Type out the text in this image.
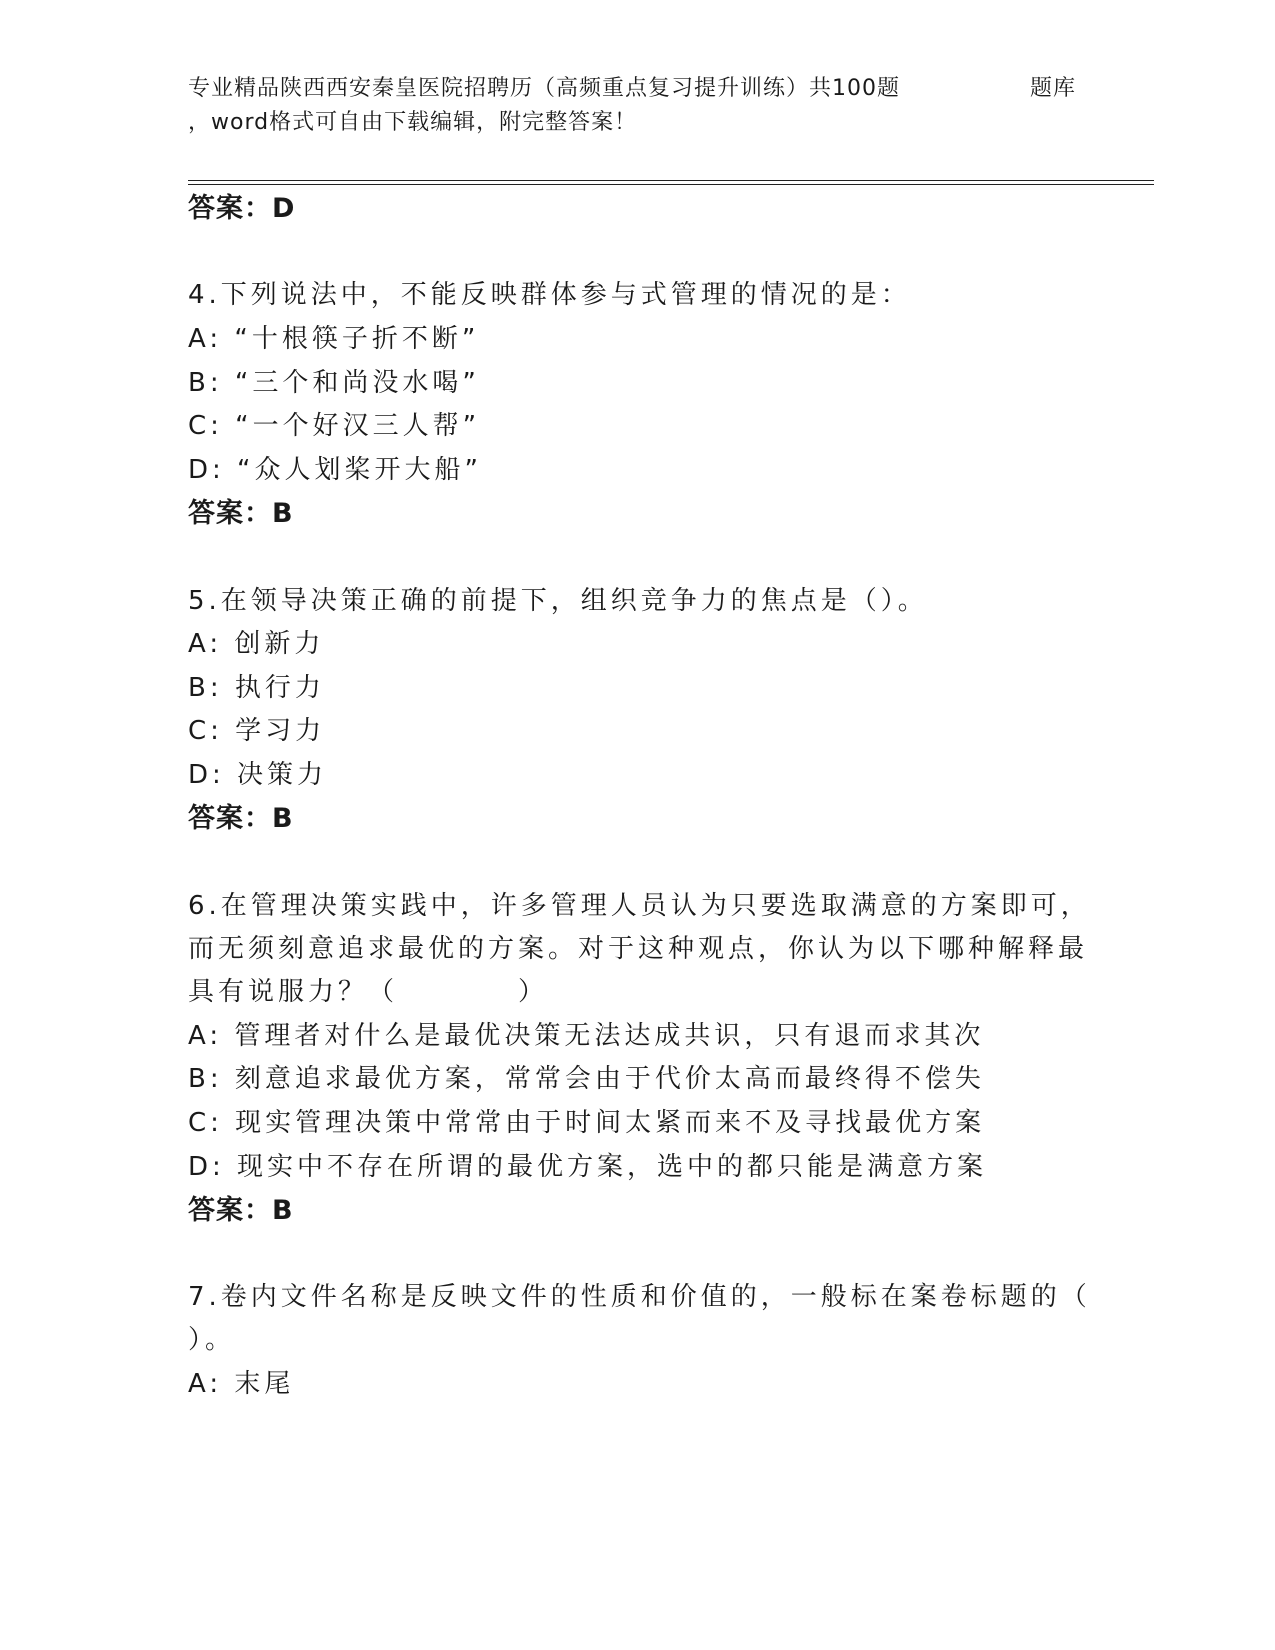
专业精品陕西西安秦皇医院招聘历（高频重点复习提升训练）共100题	题库
，word格式可自由下载编辑，附完整答案！
答案：D
4.下列说法中，不能反映群体参与式管理的情况的是：
A: “十根筷子折不断”
B: “三个和尚没水喝”
C: “一个好汉三人帮”
D: “众人划桨开大船”
答案：B
5.在领导决策正确的前提下，组织竞争力的焦点是（）。
A: 创新力
B: 执行力
C: 学习力
D: 决策力
答案：B
6.在管理决策实践中，许多管理人员认为只要选取满意的方案即可，
而无须刻意追求最优的方案。对于这种观点，你认为以下哪种解释最
具有说服力？（　　　　）
A: 管理者对什么是最优决策无法达成共识，只有退而求其次
B: 刻意追求最优方案，常常会由于代价太高而最终得不偿失
C: 现实管理决策中常常由于时间太紧而来不及寻找最优方案
D: 现实中不存在所谓的最优方案，选中的都只能是满意方案
答案：B
7.卷内文件名称是反映文件的性质和价值的，一般标在案卷标题的（
）。
A: 末尾
